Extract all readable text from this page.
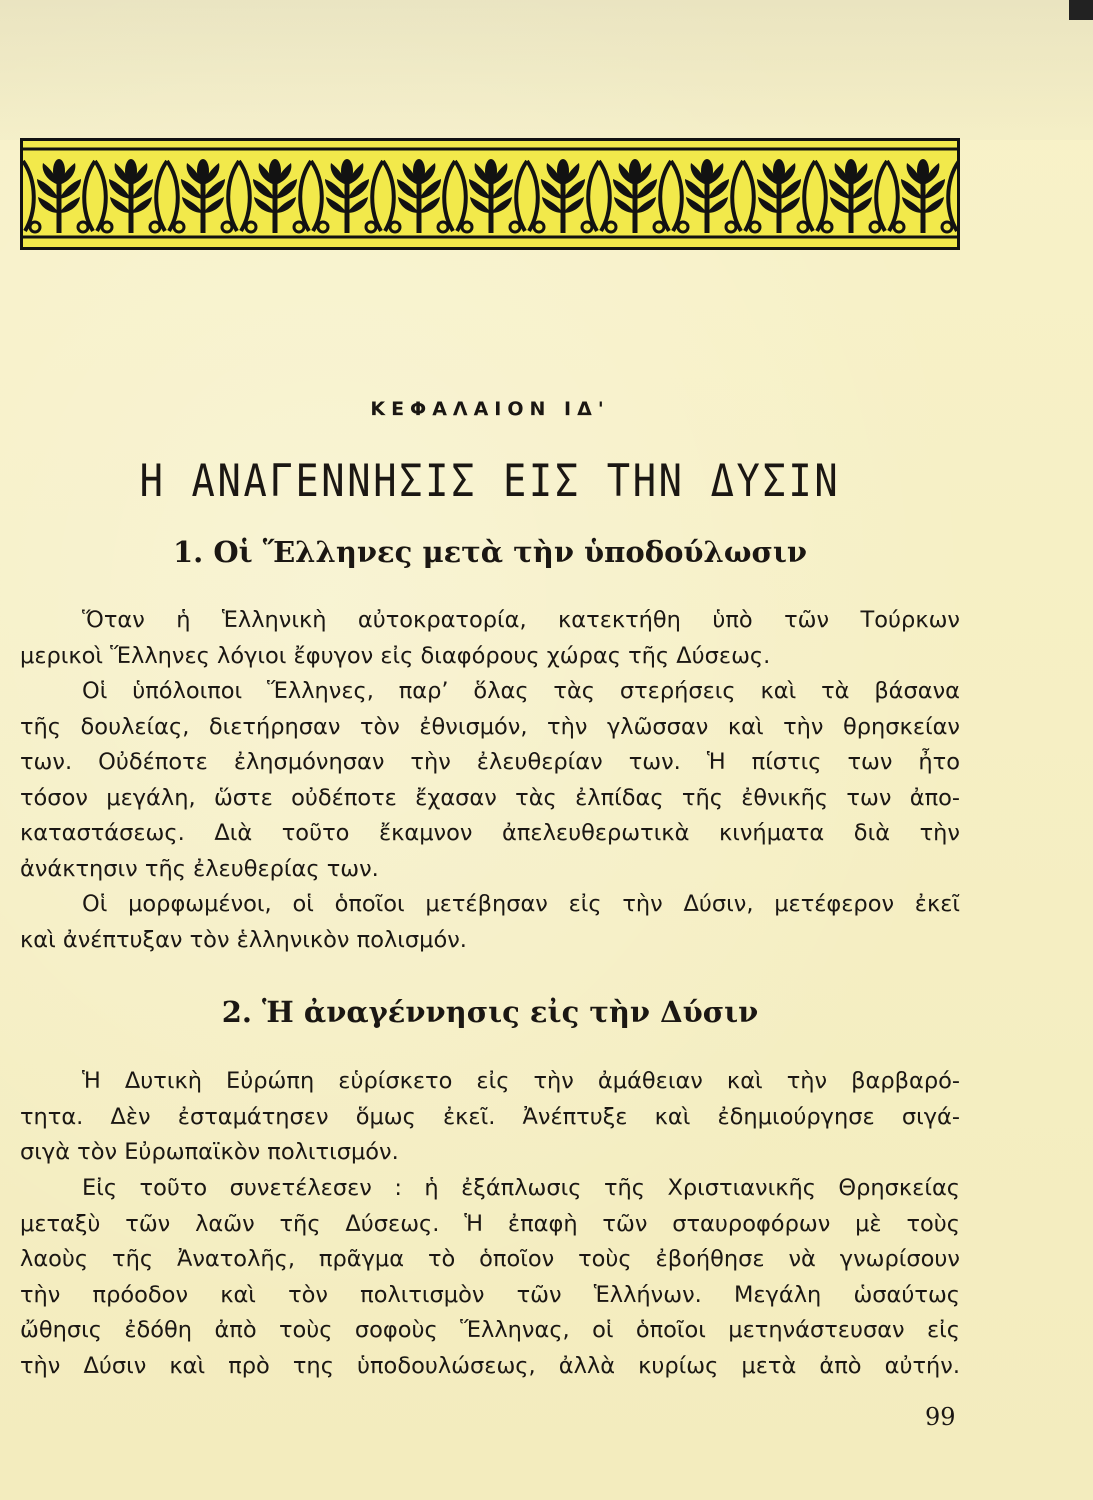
ΚΕΦΑΛΑΙΟΝ ΙΔ'
Η ΑΝΑΓΕΝΝΗΣΙΣ ΕΙΣ ΤΗΝ ΔΥΣΙΝ
1. Οἱ Ἕλληνες μετὰ τὴν ὑποδούλωσιν
Ὅταν ἡ Ἑλληνικὴ αὐτοκρατορία, κατεκτήθη ὑπὸ τῶν Τούρκων
μερικοὶ Ἕλληνες λόγιοι ἔφυγον εἰς διαφόρους χώρας τῆς Δύσεως.
Οἱ ὑπόλοιποι Ἕλληνες, παρ’ ὅλας τὰς στερήσεις καὶ τὰ βάσανα
τῆς δουλείας, διετήρησαν τὸν ἐθνισμόν, τὴν γλῶσσαν καὶ τὴν θρησκείαν
των. Οὐδέποτε ἐλησμόνησαν τὴν ἐλευθερίαν των. Ἡ πίστις των ἦτο
τόσον μεγάλη, ὥστε οὐδέποτε ἔχασαν τὰς ἐλπίδας τῆς ἐθνικῆς των ἀπο-
καταστάσεως. Διὰ τοῦτο ἔκαμνον ἀπελευθερωτικὰ κινήματα διὰ τὴν
ἀνάκτησιν τῆς ἐλευθερίας των.
Οἱ μορφωμένοι, οἱ ὁποῖοι μετέβησαν εἰς τὴν Δύσιν, μετέφερον ἐκεῖ
καὶ ἀνέπτυξαν τὸν ἑλληνικὸν πολισμόν.
2. Ἡ ἀναγέννησις εἰς τὴν Δύσιν
Ἡ Δυτικὴ Εὐρώπη εὑρίσκετο εἰς τὴν ἀμάθειαν καὶ τὴν βαρβαρό-
τητα. Δὲν ἐσταμάτησεν ὅμως ἐκεῖ. Ἀνέπτυξε καὶ ἐδημιούργησε σιγά-
σιγὰ τὸν Εὐρωπαϊκὸν πολιτισμόν.
Εἰς τοῦτο συνετέλεσεν : ἡ ἐξάπλωσις τῆς Χριστιανικῆς Θρησκείας
μεταξὺ τῶν λαῶν τῆς Δύσεως. Ἡ ἐπαφὴ τῶν σταυροφόρων μὲ τοὺς
λαοὺς τῆς Ἀνατολῆς, πρᾶγμα τὸ ὁποῖον τοὺς ἐβοήθησε νὰ γνωρίσουν
τὴν πρόοδον καὶ τὸν πολιτισμὸν τῶν Ἑλλήνων. Μεγάλη ὡσαύτως
ὤθησις ἐδόθη ἀπὸ τοὺς σοφοὺς Ἕλληνας, οἱ ὁποῖοι μετηνάστευσαν εἰς
τὴν Δύσιν καὶ πρὸ της ὑποδουλώσεως, ἀλλὰ κυρίως μετὰ ἀπὸ αὐτήν.
99
